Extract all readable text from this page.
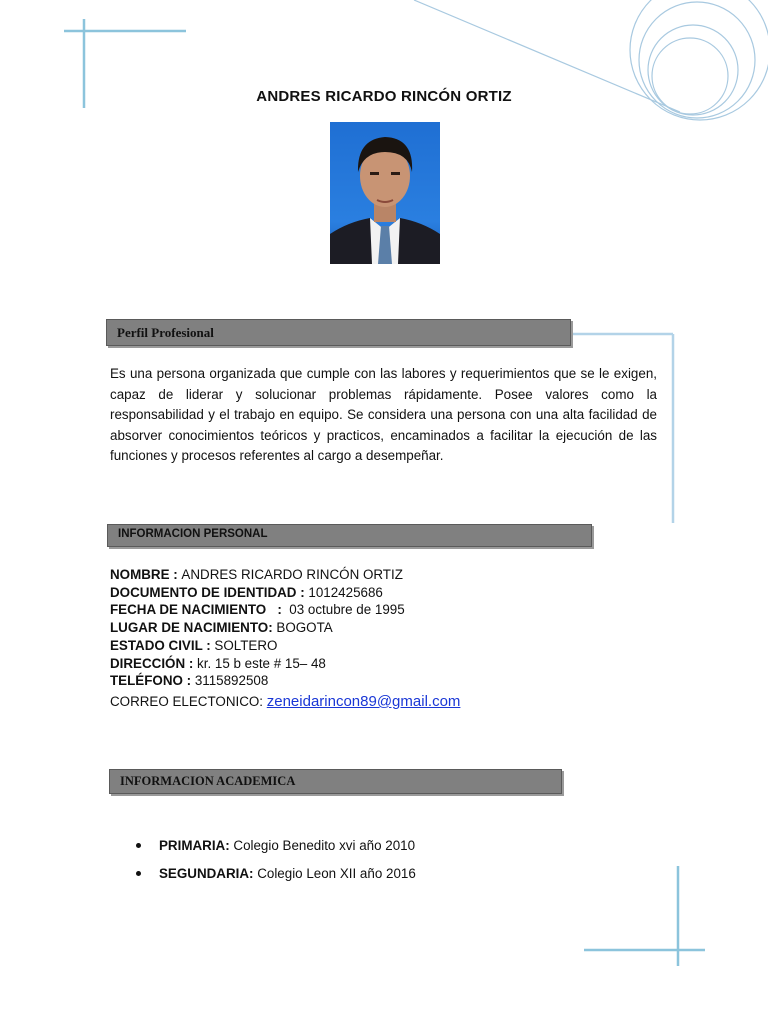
ANDRES RICARDO RINCÓN ORTIZ
Perfil Profesional
Es una persona organizada que cumple con las labores y requerimientos que se le exigen, capaz de liderar y solucionar problemas rápidamente. Posee valores como la responsabilidad y el trabajo en equipo. Se considera una persona con una alta facilidad de absorver conocimientos teóricos y practicos, encaminados a facilitar la ejecución de las funciones y procesos referentes al cargo a desempeñar.
INFORMACION PERSONAL
NOMBRE : ANDRES RICARDO RINCÓN ORTIZ
DOCUMENTO DE IDENTIDAD : 1012425686
FECHA DE NACIMIENTO   :  03 octubre de 1995
LUGAR DE NACIMIENTO: BOGOTA
ESTADO CIVIL : SOLTERO
DIRECCIÓN : kr. 15 b este # 15– 48
TELÉFONO : 3115892508
CORREO ELECTONICO: zeneidarincon89@gmail.com
INFORMACION ACADEMICA
PRIMARIA: Colegio Benedito xvi año 2010
SEGUNDARIA: Colegio Leon XII año 2016
